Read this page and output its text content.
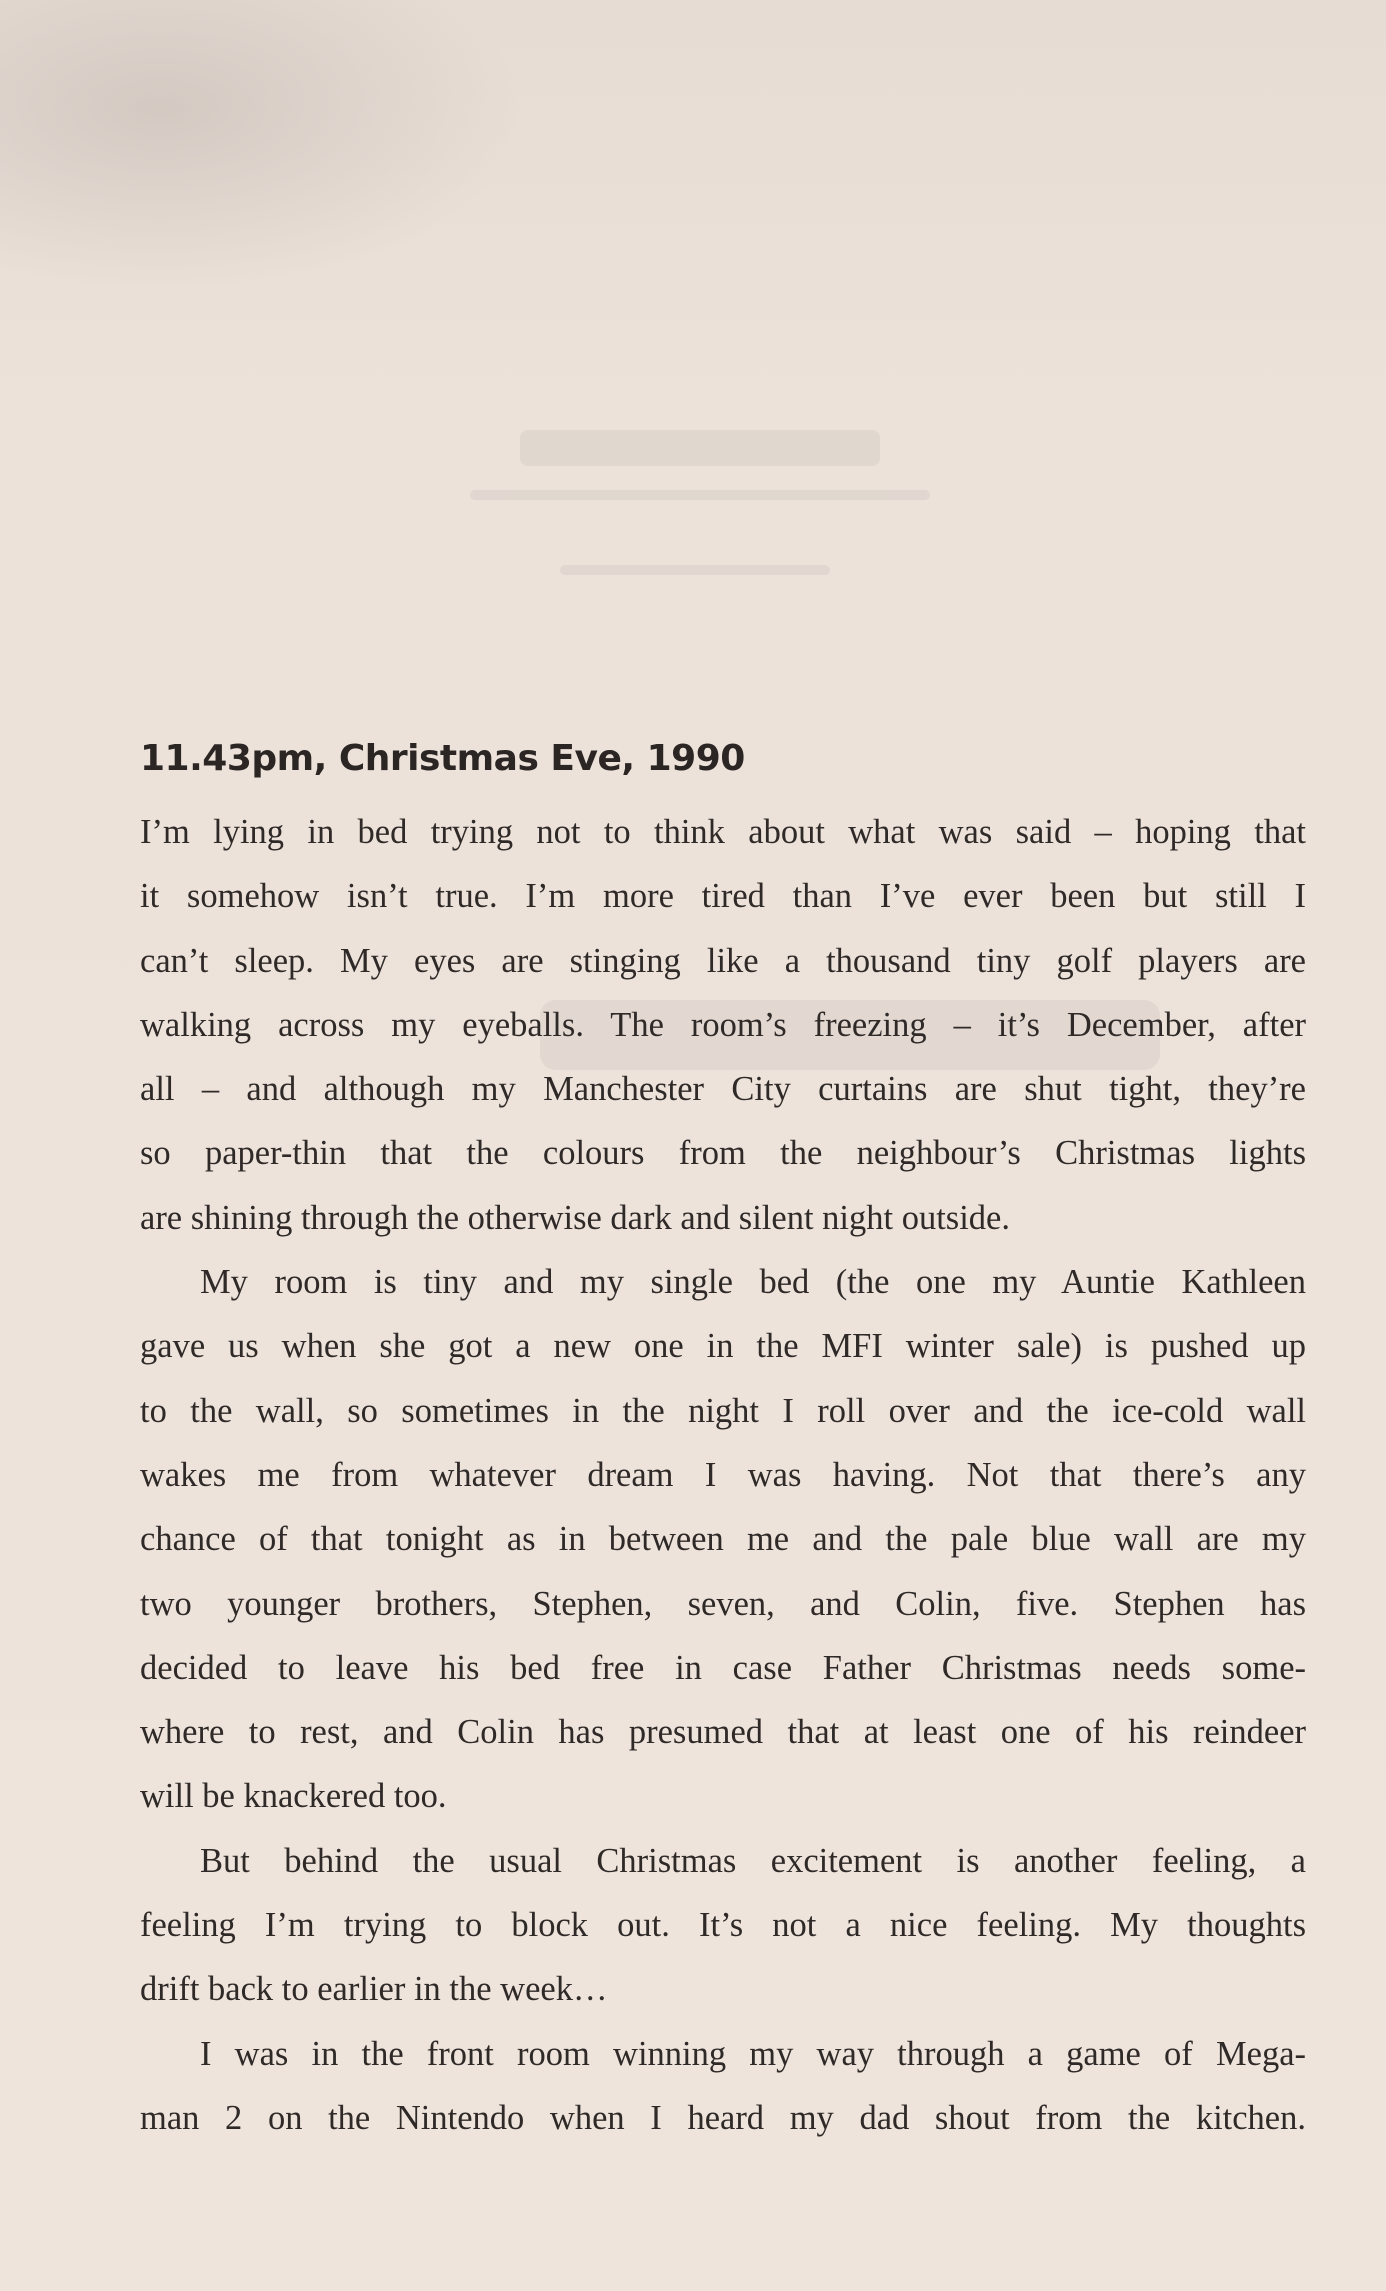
11.43pm, Christmas Eve, 1990

I’m lying in bed trying not to think about what was said – hoping that
it somehow isn’t true. I’m more tired than I’ve ever been but still I
can’t sleep. My eyes are stinging like a thousand tiny golf players are
walking across my eyeballs. The room’s freezing – it’s December, after
all – and although my Manchester City curtains are shut tight, they’re
so paper-thin that the colours from the neighbour’s Christmas lights
are shining through the otherwise dark and silent night outside.

My room is tiny and my single bed (the one my Auntie Kathleen
gave us when she got a new one in the MFI winter sale) is pushed up
to the wall, so sometimes in the night I roll over and the ice-cold wall
wakes me from whatever dream I was having. Not that there’s any
chance of that tonight as in between me and the pale blue wall are my
two younger brothers, Stephen, seven, and Colin, five. Stephen has
decided to leave his bed free in case Father Christmas needs some-
where to rest, and Colin has presumed that at least one of his reindeer
will be knackered too.

But behind the usual Christmas excitement is another feeling, a
feeling I’m trying to block out. It’s not a nice feeling. My thoughts
drift back to earlier in the week…

I was in the front room winning my way through a game of Mega-
man 2 on the Nintendo when I heard my dad shout from the kitchen.
